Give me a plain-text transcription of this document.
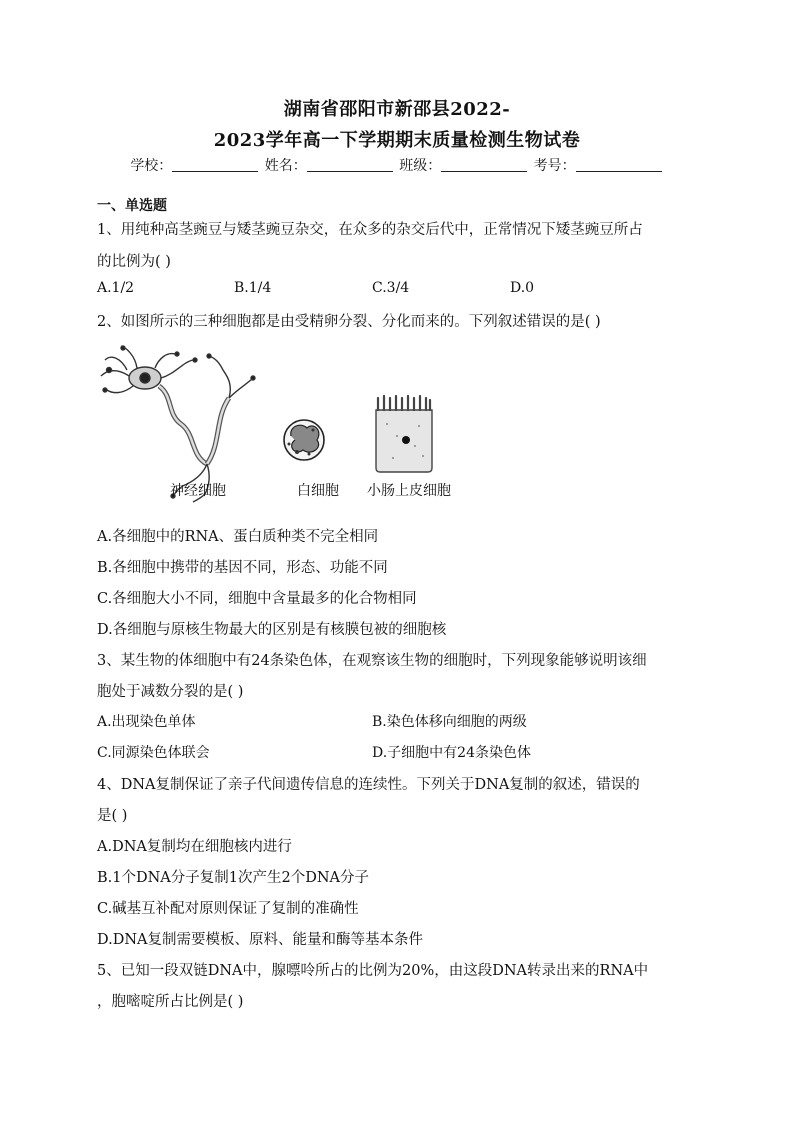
湖南省邵阳市新邵县2022-
2023学年高一下学期期末质量检测生物试卷
学校：	姓名：	班级：	考号：
一、单选题
1、用纯种高茎豌豆与矮茎豌豆杂交，在众多的杂交后代中，正常情况下矮茎豌豆所占
的比例为( )
A.1/2	B.1/4	C.3/4	D.0
2、如图所示的三种细胞都是由受精卵分裂、分化而来的。下列叙述错误的是( )
神经细胞	白细胞 小肠上皮细胞
A.各细胞中的RNA、蛋白质种类不完全相同
B.各细胞中携带的基因不同，形态、功能不同
C.各细胞大小不同，细胞中含量最多的化合物相同
D.各细胞与原核生物最大的区别是有核膜包被的细胞核
3、某生物的体细胞中有24条染色体，在观察该生物的细胞时，下列现象能够说明该细
胞处于减数分裂的是( )
A.出现染色单体	B.染色体移向细胞的两级
C.同源染色体联会	D.子细胞中有24条染色体
4、DNA复制保证了亲子代间遗传信息的连续性。下列关于DNA复制的叙述，错误的
是( )
A.DNA复制均在细胞核内进行
B.1个DNA分子复制1次产生2个DNA分子
C.碱基互补配对原则保证了复制的准确性
D.DNA复制需要模板、原料、能量和酶等基本条件
5、已知一段双链DNA中，腺嘌呤所占的比例为20%，由这段DNA转录出来的RNA中
，胞嘧啶所占比例是( )
